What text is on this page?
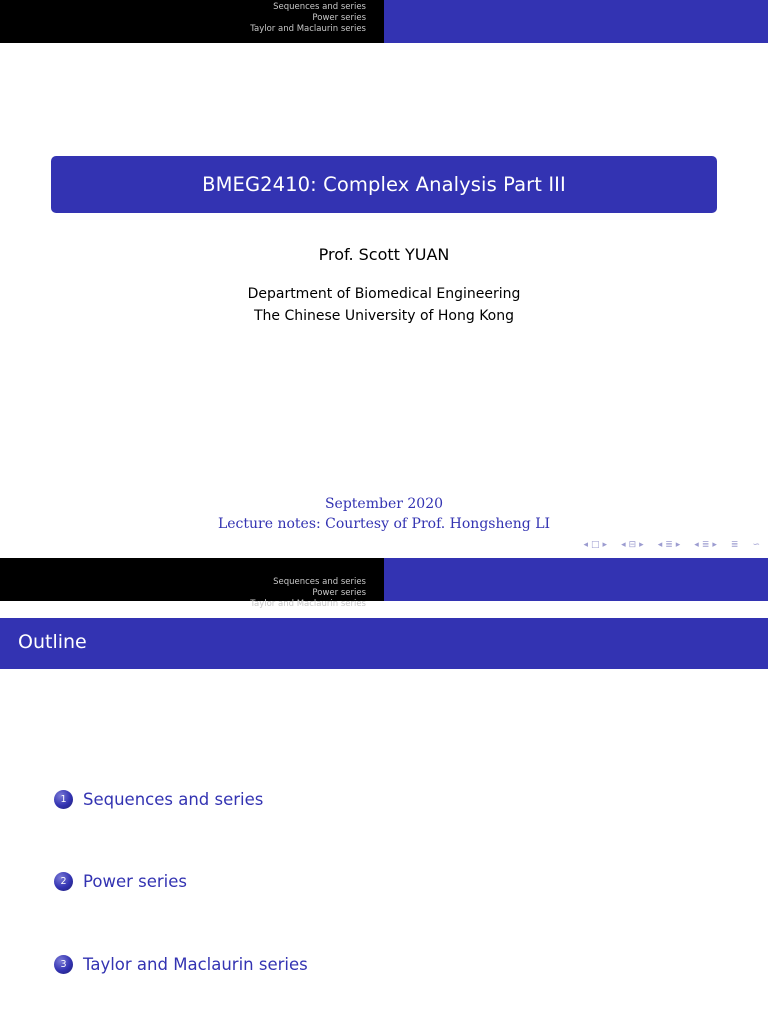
Sequences and series
Power series
Taylor and Maclaurin series
BMEG2410: Complex Analysis Part III
Prof. Scott YUAN
Department of Biomedical Engineering
The Chinese University of Hong Kong
September 2020
Lecture notes: Courtesy of Prof. Hongsheng LI
◂ □ ▸ ◂ ⊟ ▸ ◂ ≣ ▸ ◂ ≣ ▸ ≣ ∽
Sequences and series
Power series
Taylor and Maclaurin series
Outline
1 Sequences and series
2 Power series
3 Taylor and Maclaurin series
